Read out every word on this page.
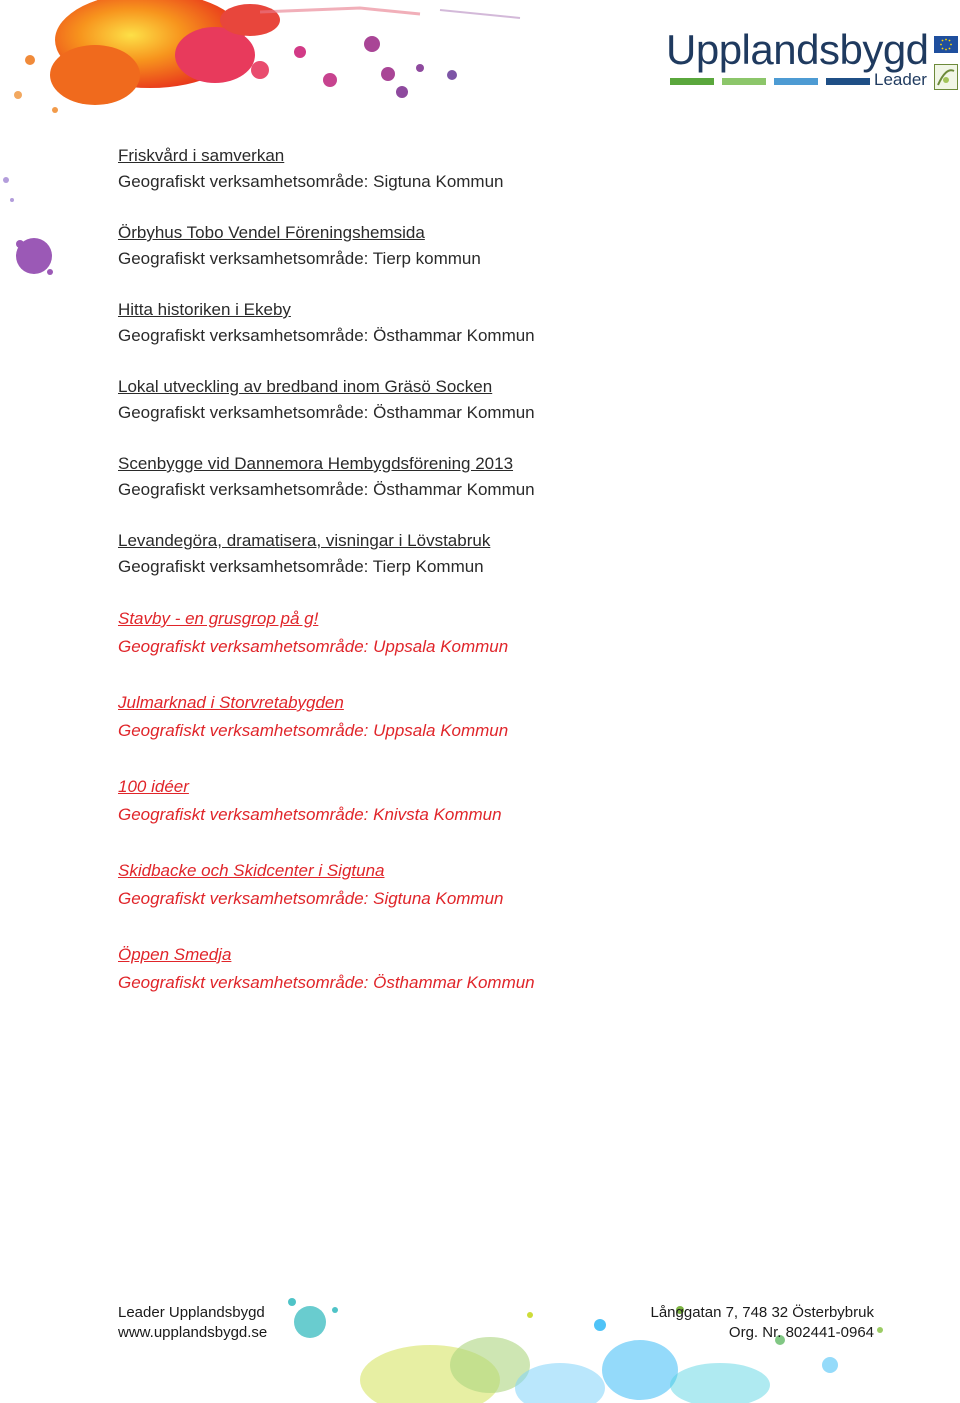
Upplandsbygd
Leader
Friskvård i samverkan
Geografiskt verksamhetsområde: Sigtuna Kommun
Örbyhus Tobo Vendel Föreningshemsida
Geografiskt verksamhetsområde: Tierp kommun
Hitta historiken i Ekeby
Geografiskt verksamhetsområde: Östhammar Kommun
Lokal utveckling av bredband inom Gräsö Socken
Geografiskt verksamhetsområde: Östhammar Kommun
Scenbygge vid Dannemora Hembygdsförening 2013
Geografiskt verksamhetsområde: Östhammar Kommun
Levandegöra, dramatisera, visningar i Lövstabruk
Geografiskt verksamhetsområde: Tierp Kommun
Stavby - en grusgrop på g!
Geografiskt verksamhetsområde: Uppsala Kommun
Julmarknad i Storvretabygden
Geografiskt verksamhetsområde: Uppsala Kommun
100 idéer
Geografiskt verksamhetsområde: Knivsta Kommun
Skidbacke och Skidcenter i Sigtuna
Geografiskt verksamhetsområde: Sigtuna Kommun
Öppen Smedja
Geografiskt verksamhetsområde: Östhammar Kommun
Leader Upplandsbygd
www.upplandsbygd.se
Långgatan 7, 748 32 Österbybruk
Org. Nr. 802441-0964
